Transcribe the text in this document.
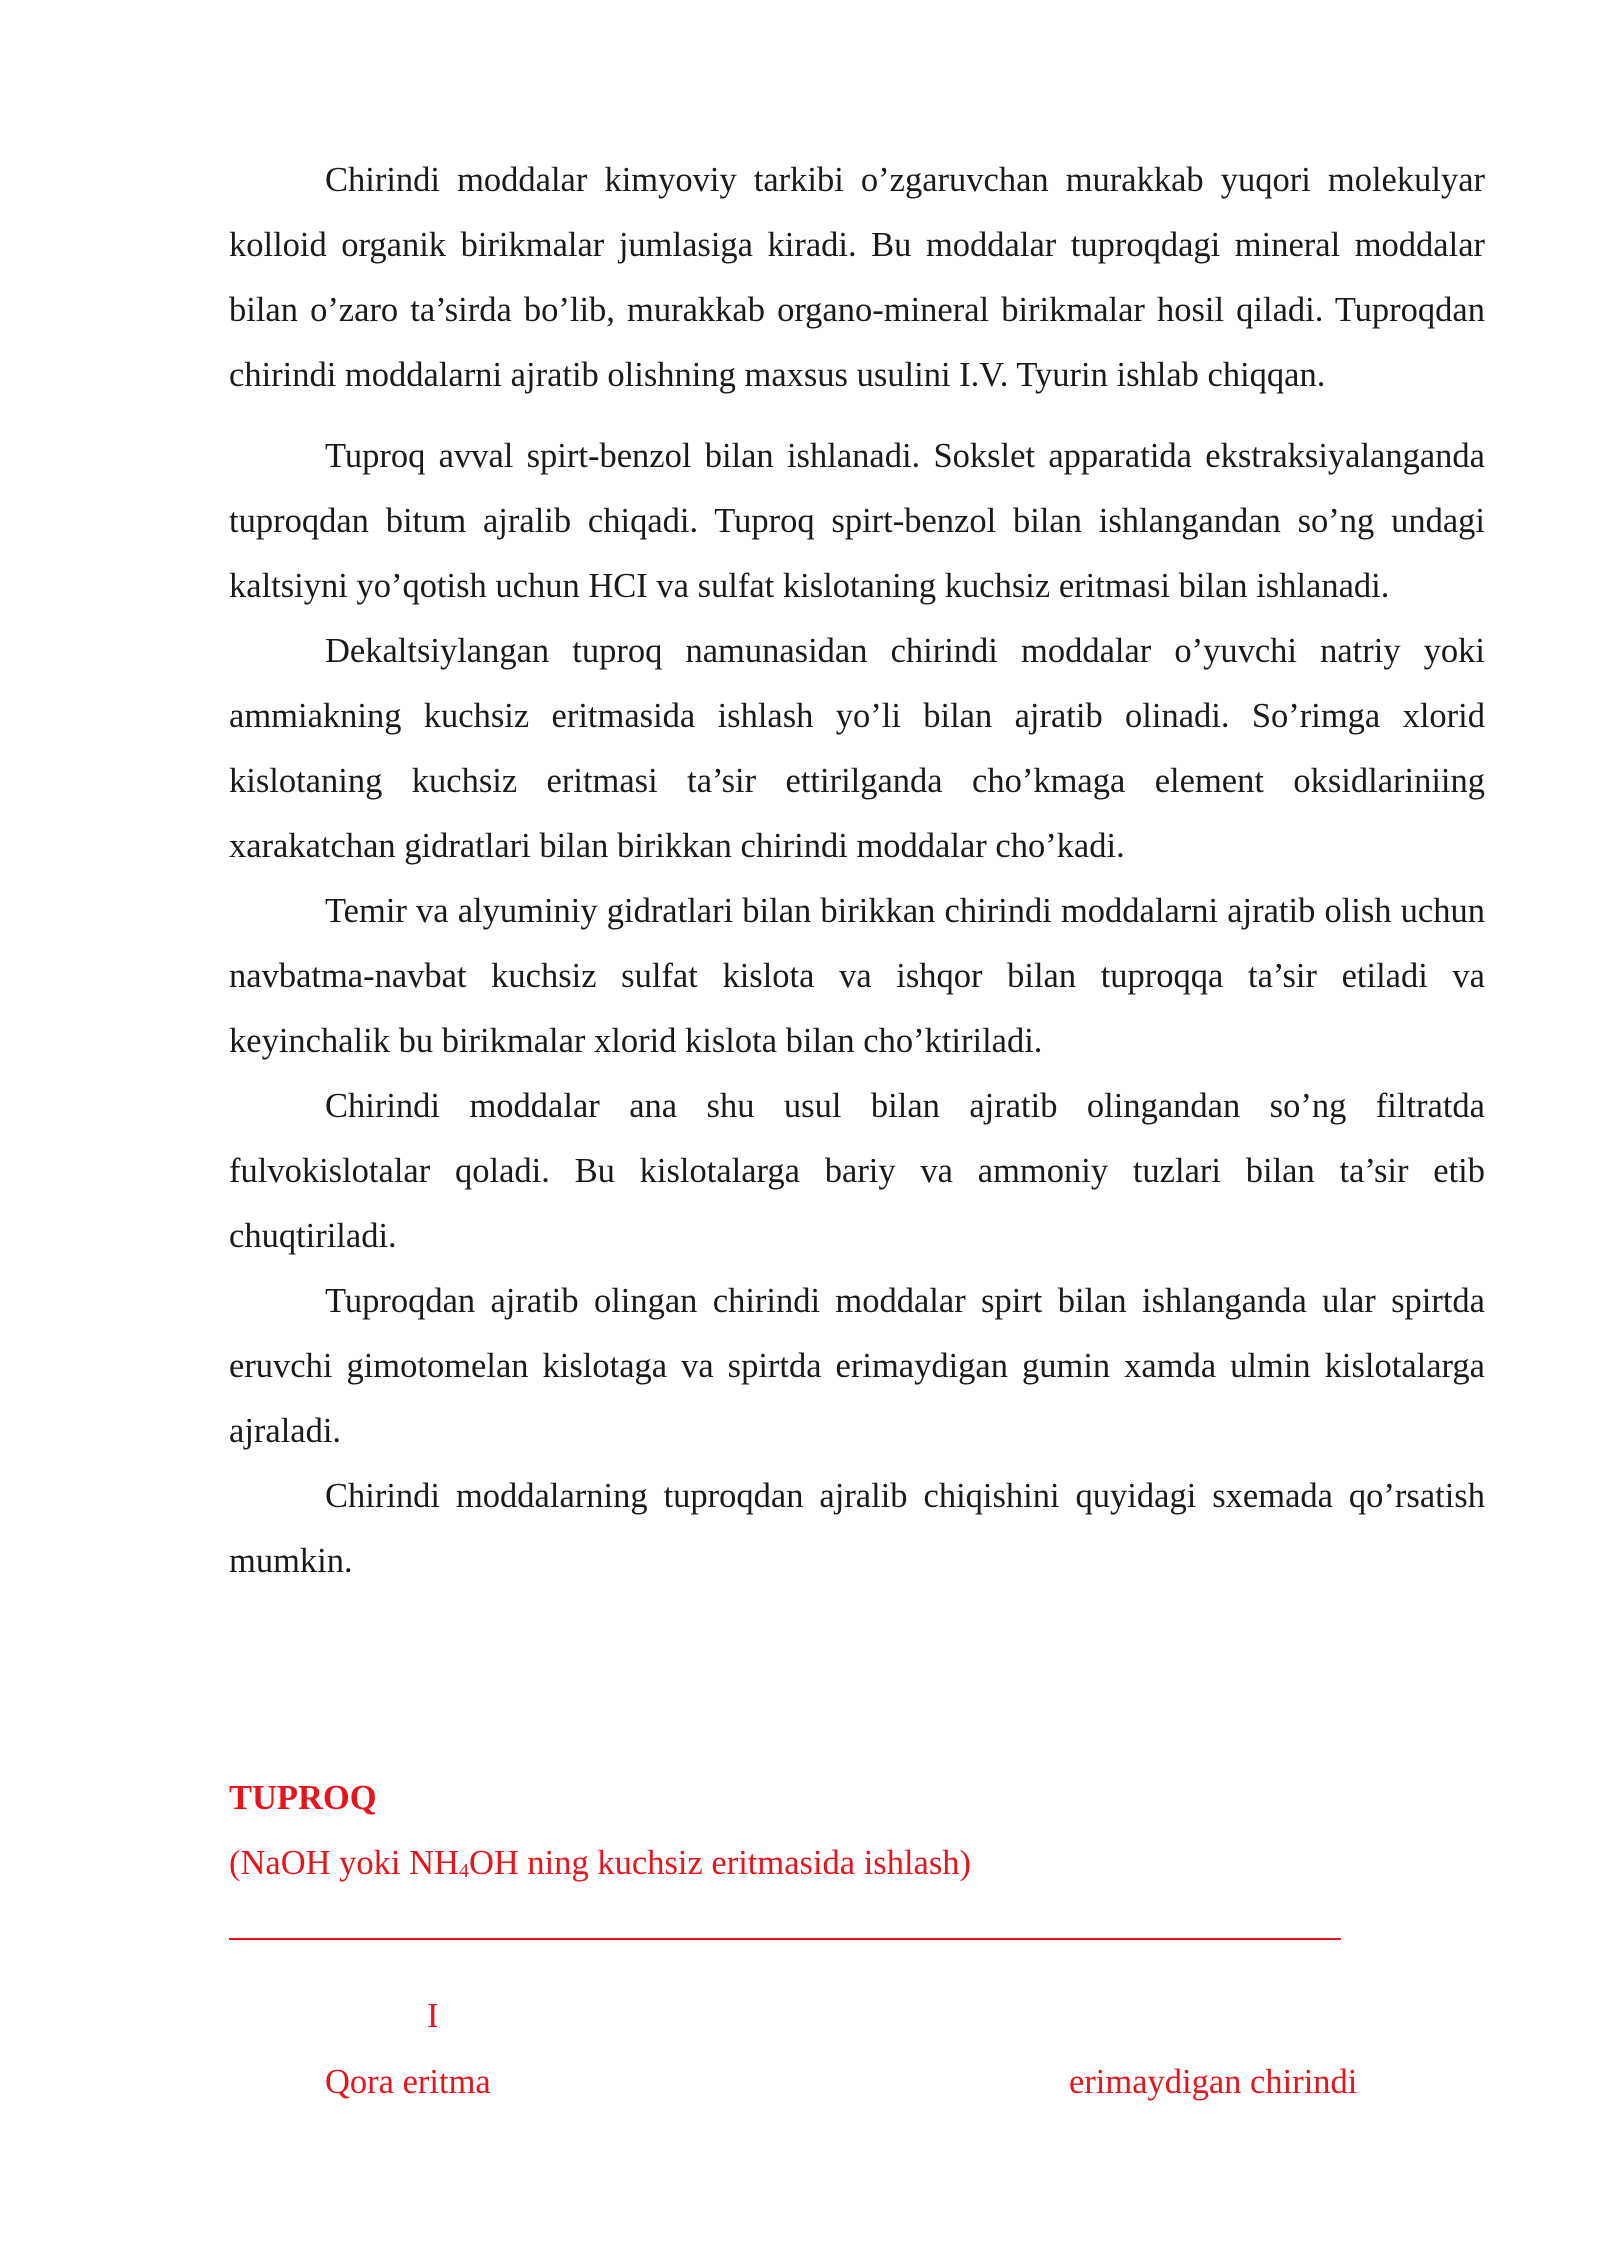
Chirindi moddalar kimyoviy tarkibi o’zgaruvchan murakkab yuqori molekulyar kolloid organik birikmalar jumlasiga kiradi. Bu moddalar tuproqdagi mineral moddalar bilan o’zaro ta’sirda bo’lib, murakkab organo-mineral birikmalar hosil qiladi. Tuproqdan chirindi moddalarni ajratib olishning maxsus usulini I.V. Tyurin ishlab chiqqan.

Tuproq avval spirt-benzol bilan ishlanadi. Sokslet apparatida ekstraksiyalanganda tuproqdan bitum ajralib chiqadi. Tuproq spirt-benzol bilan ishlangandan so’ng undagi kaltsiyni yo’qotish uchun HCI va sulfat kislotaning kuchsiz eritmasi bilan ishlanadi.

Dekaltsiylangan tuproq namunasidan chirindi moddalar o’yuvchi natriy yoki ammiakning kuchsiz eritmasida ishlash yo’li bilan ajratib olinadi. So’rimga xlorid kislotaning kuchsiz eritmasi ta’sir ettirilganda cho’kmaga element oksidlariniing xarakatchan gidratlari bilan birikkan chirindi moddalar cho’kadi.

Temir va alyuminiy gidratlari bilan birikkan chirindi moddalarni ajratib olish uchun navbatma-navbat kuchsiz sulfat kislota va ishqor bilan tuproqqa ta’sir etiladi va keyinchalik bu birikmalar xlorid kislota bilan cho’ktiriladi.

Chirindi moddalar ana shu usul bilan ajratib olingandan so’ng filtratda fulvokislotalar qoladi. Bu kislotalarga bariy va ammoniy tuzlari bilan ta’sir etib chuqtiriladi.

Tuproqdan ajratib olingan chirindi moddalar spirt bilan ishlanganda ular spirtda eruvchi gimotomelan kislotaga va spirtda erimaydigan gumin xamda ulmin kislotalarga ajraladi.

Chirindi moddalarning tuproqdan ajralib chiqishini quyidagi sxemada qo’rsatish mumkin.

TUPROQ

(NaOH yoki $NH_4OH$ ning kuchsiz eritmasida ishlash)

I
Qora eritma	erimaydigan chirindi
